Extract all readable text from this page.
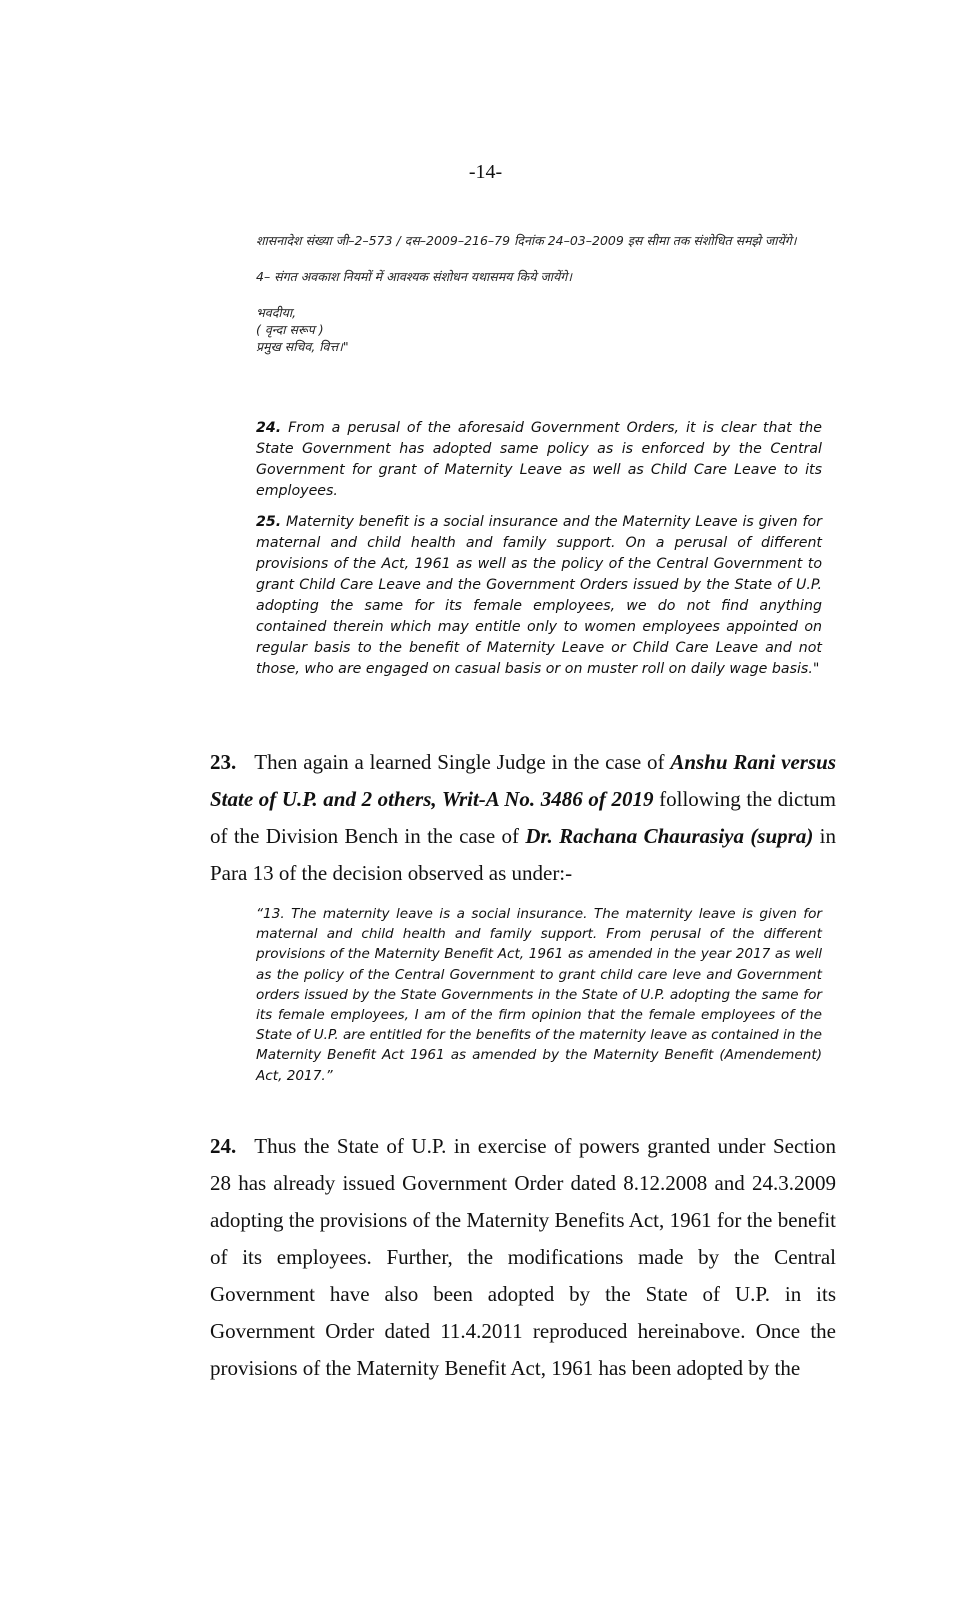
-14-

शासनादेश संख्या जी–2–573 / दस–2009–216–79 दिनांक 24–03–2009 इस सीमा तक संशोधित समझे जायेंगे।

4– संगत अवकाश नियमों में आवश्यक संशोधन यथासमय किये जायेंगे।

भवदीया,

( वृन्दा सरूप )

प्रमुख सचिव, वित्त।"

24. From a perusal of the aforesaid Government Orders, it is clear that the State Government has adopted same policy as is enforced by the Central Government for grant of Maternity Leave as well as Child Care Leave to its employees.

25. Maternity benefit is a social insurance and the Maternity Leave is given for maternal and child health and family support. On a perusal of different provisions of the Act, 1961 as well as the policy of the Central Government to grant Child Care Leave and the Government Orders issued by the State of U.P. adopting the same for its female employees, we do not find anything contained therein which may entitle only to women employees appointed on regular basis to the benefit of Maternity Leave or Child Care Leave and not those, who are engaged on casual basis or on muster roll on daily wage basis."

23. Then again a learned Single Judge in the case of Anshu Rani versus State of U.P. and 2 others, Writ-A No. 3486 of 2019 following the dictum of the Division Bench in the case of Dr. Rachana Chaurasiya (supra) in Para 13 of the decision observed as under:-

“13. The maternity leave is a social insurance. The maternity leave is given for maternal and child health and family support. From perusal of the different provisions of the Maternity Benefit Act, 1961 as amended in the year 2017 as well as the policy of the Central Government to grant child care leve and Government orders issued by the State Governments in the State of U.P. adopting the same for its female employees, I am of the firm opinion that the female employees of the State of U.P. are entitled for the benefits of the maternity leave as contained in the Maternity Benefit Act 1961 as amended by the Maternity Benefit (Amendement) Act, 2017.”

24. Thus the State of U.P. in exercise of powers granted under Section 28 has already issued Government Order dated 8.12.2008 and 24.3.2009 adopting the provisions of the Maternity Benefits Act, 1961 for the benefit of its employees. Further, the modifications made by the Central Government have also been adopted by the State of U.P. in its Government Order dated 11.4.2011 reproduced hereinabove. Once the provisions of the Maternity Benefit Act, 1961 has been adopted by the
